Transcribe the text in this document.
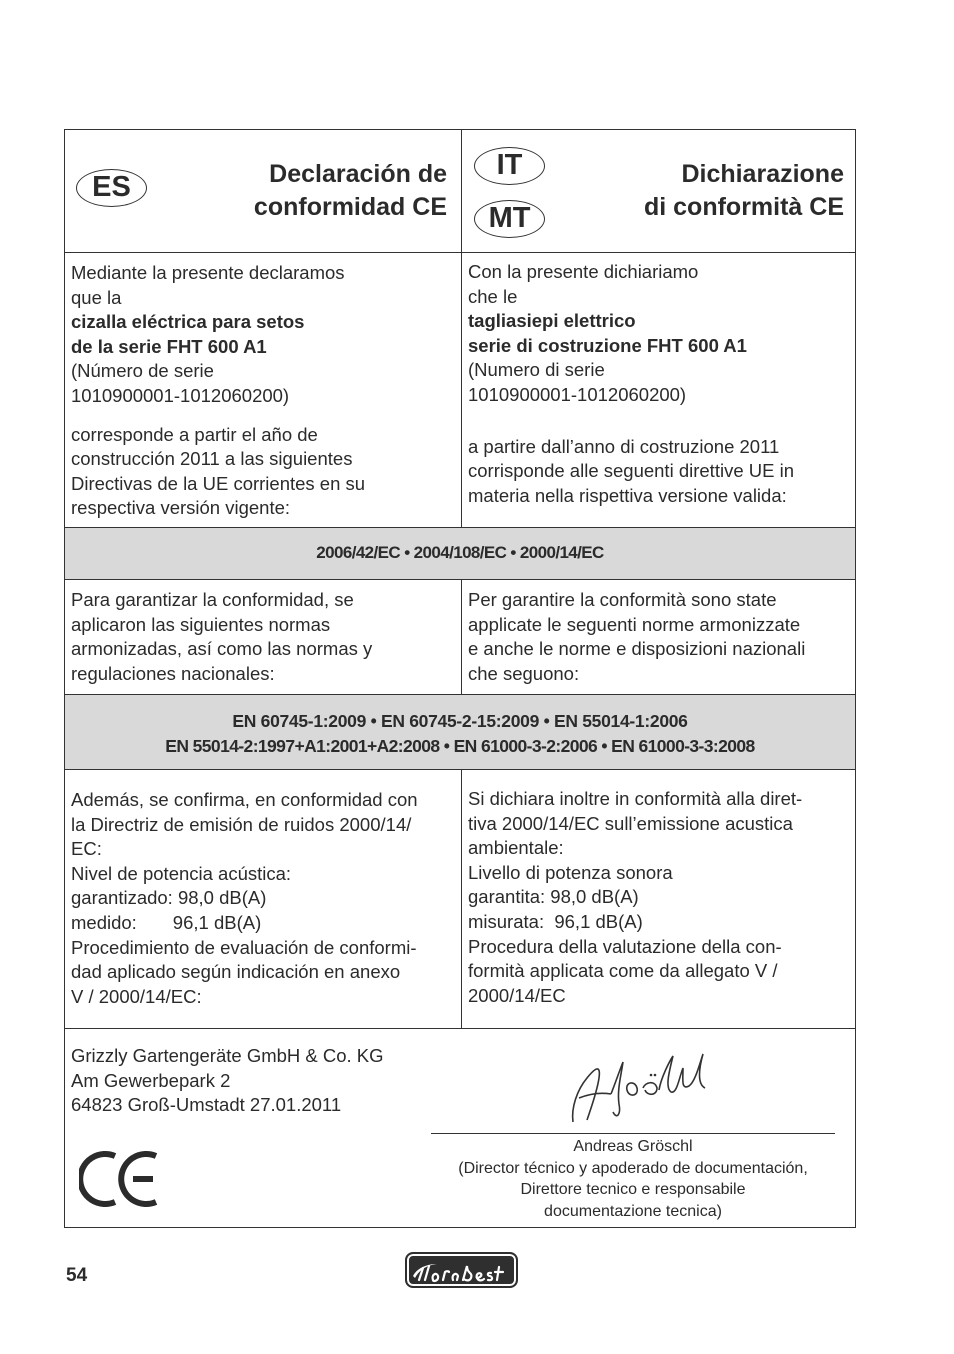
ES	Declaración de
conformidad CE
IT
MT
Dichiarazione
di conformità CE
Mediante la presente declaramos
que la
cizalla eléctrica para setos
de la serie FHT 600 A1
(Número de serie
1010900001-1012060200)
corresponde a partir el año de
construcción 2011 a las siguientes
Directivas de la UE corrientes en su
respectiva versión vigente:
Con la presente dichiariamo
che le
tagliasiepi elettrico
serie di costruzione FHT 600 A1
(Numero di serie
1010900001-1012060200)
a partire dall’anno di costruzione 2011
corrisponde alle seguenti direttive UE in
materia nella rispettiva versione valida:
2006/42/EC • 2004/108/EC • 2000/14/EC
Para garantizar la conformidad, se
aplicaron las siguientes normas
armonizadas, así como las normas y
regulaciones nacionales:
Per garantire la conformità sono state
applicate le seguenti norme armonizzate
e anche le norme e disposizioni nazionali
che seguono:
EN 60745-1:2009 • EN 60745-2-15:2009 • EN 55014-1:2006
EN 55014-2:1997+A1:2001+A2:2008 • EN 61000-3-2:2006 • EN 61000-3-3:2008
Además, se confirma, en conformidad con
la Directriz de emisión de ruidos 2000/14/
EC:
Nivel de potencia acústica:
garantizado: 98,0 dB(A)
medido:       96,1 dB(A)
Procedimiento de evaluación de conformi-
dad aplicado según indicación en anexo
V / 2000/14/EC:
Si dichiara inoltre in conformità alla diret-
tiva 2000/14/EC sull’emissione acustica
ambientale:
Livello di potenza sonora
garantita: 98,0 dB(A)
misurata:  96,1 dB(A)
Procedura della valutazione della con-
formità applicata come da allegato V /
2000/14/EC
Grizzly Gartengeräte GmbH & Co. KG
Am Gewerbepark 2
64823 Groß-Umstadt 27.01.2011
Andreas Gröschl
(Director técnico y apoderado de documentación,
Direttore tecnico e responsabile
documentazione tecnica)
54
